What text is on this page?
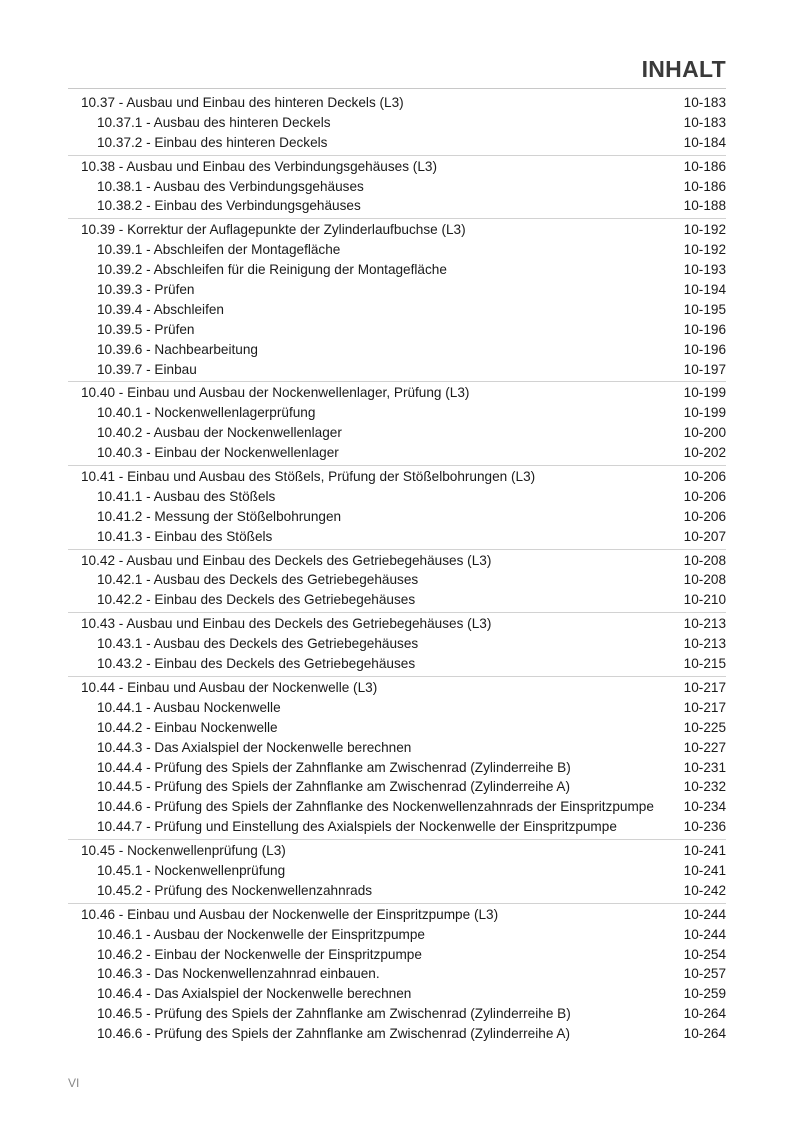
INHALT
10.37 - Ausbau und Einbau des hinteren Deckels (L3)	10-183
10.37.1 - Ausbau des hinteren Deckels	10-183
10.37.2 - Einbau des hinteren Deckels	10-184
10.38 - Ausbau und Einbau des Verbindungsgehäuses (L3)	10-186
10.38.1 - Ausbau des Verbindungsgehäuses	10-186
10.38.2 - Einbau des Verbindungsgehäuses	10-188
10.39 - Korrektur der Auflagepunkte der Zylinderlaufbuchse (L3)	10-192
10.39.1 - Abschleifen der Montagefläche	10-192
10.39.2 - Abschleifen für die Reinigung der Montagefläche	10-193
10.39.3 - Prüfen	10-194
10.39.4 - Abschleifen	10-195
10.39.5 - Prüfen	10-196
10.39.6 - Nachbearbeitung	10-196
10.39.7 - Einbau	10-197
10.40 - Einbau und Ausbau der Nockenwellenlager, Prüfung (L3)	10-199
10.40.1 - Nockenwellenlagerprüfung	10-199
10.40.2 - Ausbau der Nockenwellenlager	10-200
10.40.3 - Einbau der Nockenwellenlager	10-202
10.41 - Einbau und Ausbau des Stößels, Prüfung der Stößelbohrungen (L3)	10-206
10.41.1 - Ausbau des Stößels	10-206
10.41.2 - Messung der Stößelbohrungen	10-206
10.41.3 - Einbau des Stößels	10-207
10.42 - Ausbau und Einbau des Deckels des Getriebegehäuses (L3)	10-208
10.42.1 - Ausbau des Deckels des Getriebegehäuses	10-208
10.42.2 - Einbau des Deckels des Getriebegehäuses	10-210
10.43 - Ausbau und Einbau des Deckels des Getriebegehäuses (L3)	10-213
10.43.1 - Ausbau des Deckels des Getriebegehäuses	10-213
10.43.2 - Einbau des Deckels des Getriebegehäuses	10-215
10.44 - Einbau und Ausbau der Nockenwelle (L3)	10-217
10.44.1 - Ausbau Nockenwelle	10-217
10.44.2 - Einbau Nockenwelle	10-225
10.44.3 - Das Axialspiel der Nockenwelle berechnen	10-227
10.44.4 - Prüfung des Spiels der Zahnflanke am Zwischenrad (Zylinderreihe B)	10-231
10.44.5 - Prüfung des Spiels der Zahnflanke am Zwischenrad (Zylinderreihe A)	10-232
10.44.6 - Prüfung des Spiels der Zahnflanke des Nockenwellenzahnrads der Einspritzpumpe	10-234
10.44.7 - Prüfung und Einstellung des Axialspiels der Nockenwelle der Einspritzpumpe	10-236
10.45 - Nockenwellenprüfung (L3)	10-241
10.45.1 - Nockenwellenprüfung	10-241
10.45.2 - Prüfung des Nockenwellenzahnrads	10-242
10.46 - Einbau und Ausbau der Nockenwelle der Einspritzpumpe (L3)	10-244
10.46.1 - Ausbau der Nockenwelle der Einspritzpumpe	10-244
10.46.2 - Einbau der Nockenwelle der Einspritzpumpe	10-254
10.46.3 - Das Nockenwellenzahnrad einbauen.	10-257
10.46.4 - Das Axialspiel der Nockenwelle berechnen	10-259
10.46.5 - Prüfung des Spiels der Zahnflanke am Zwischenrad (Zylinderreihe B)	10-264
10.46.6 - Prüfung des Spiels der Zahnflanke am Zwischenrad (Zylinderreihe A)	10-264
VI
